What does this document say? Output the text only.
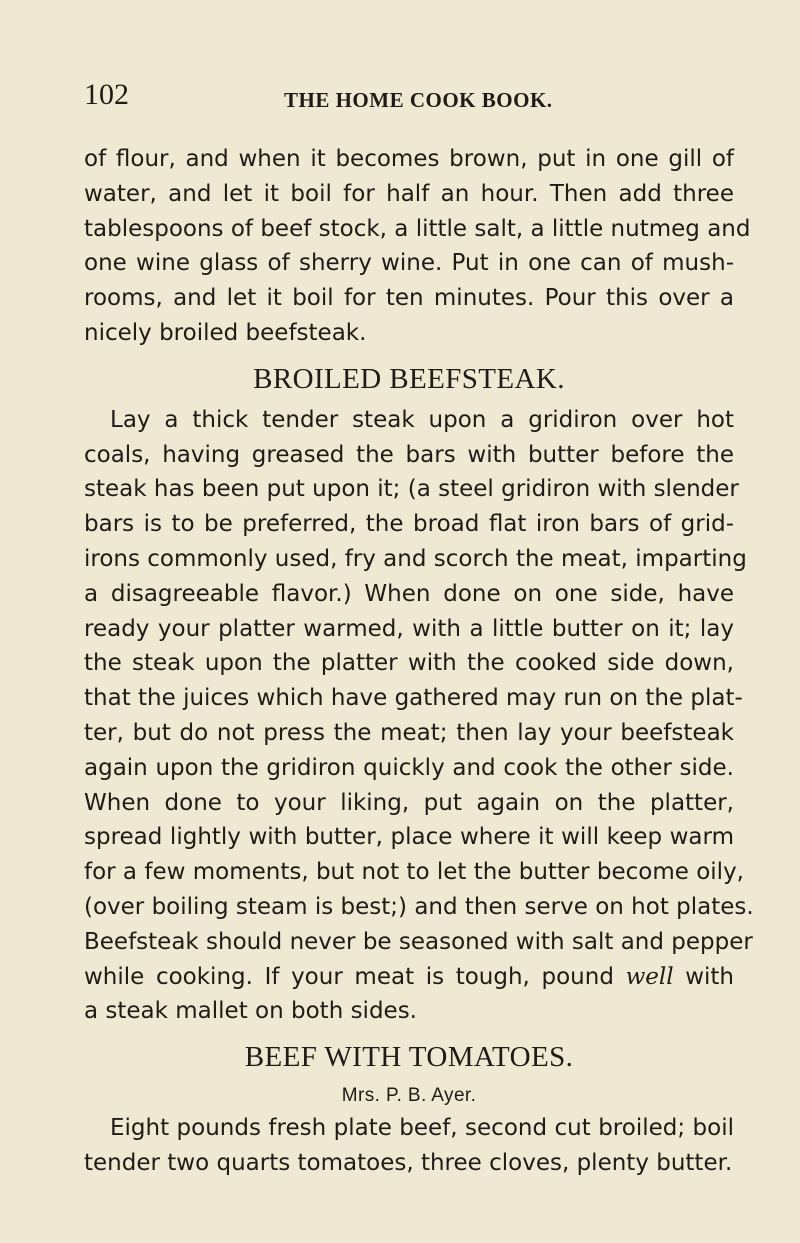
102	THE HOME COOK BOOK.
of flour, and when it becomes brown, put in one gill of
water, and let it boil for half an hour. Then add three
tablespoons of beef stock, a little salt, a little nutmeg and
one wine glass of sherry wine. Put in one can of mush-
rooms, and let it boil for ten minutes. Pour this over a
nicely broiled beefsteak.
BROILED BEEFSTEAK.
Lay a thick tender steak upon a gridiron over hot
coals, having greased the bars with butter before the
steak has been put upon it; (a steel gridiron with slender
bars is to be preferred, the broad flat iron bars of grid-
irons commonly used, fry and scorch the meat, imparting
a disagreeable flavor.) When done on one side, have
ready your platter warmed, with a little butter on it; lay
the steak upon the platter with the cooked side down,
that the juices which have gathered may run on the plat-
ter, but do not press the meat; then lay your beefsteak
again upon the gridiron quickly and cook the other side.
When done to your liking, put again on the platter,
spread lightly with butter, place where it will keep warm
for a few moments, but not to let the butter become oily,
(over boiling steam is best;) and then serve on hot plates.
Beefsteak should never be seasoned with salt and pepper
while cooking. If your meat is tough, pound well with
a steak mallet on both sides.
BEEF WITH TOMATOES.
Mrs. P. B. Ayer.
Eight pounds fresh plate beef, second cut broiled; boil
tender two quarts tomatoes, three cloves, plenty butter.
